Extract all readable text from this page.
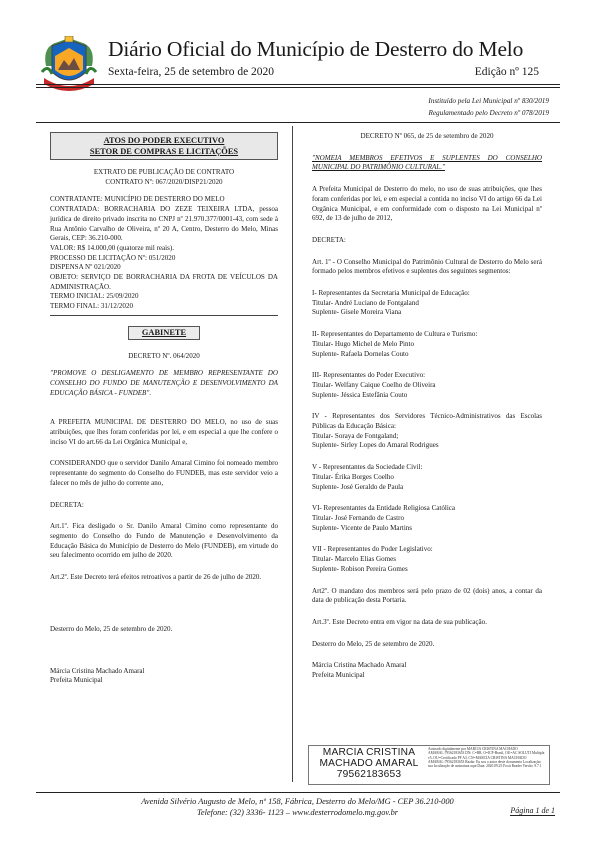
Diário Oficial do Município de Desterro do Melo
Sexta-feira, 25 de setembro de 2020	Edição nº 125
Instituído pela Lei Municipal nº 830/2019
Regulamentado pelo Decreto nº 078/2019
ATOS DO PODER EXECUTIVO
SETOR DE COMPRAS E LICITAÇÕES

EXTRATO DE PUBLICAÇÃO DE CONTRATO

CONTRATO Nº: 067/2020/DISP21/2020

CONTRATANTE: MUNICÍPIO DE DESTERRO DO MELO

CONTRATADA: BORRACHARIA DO ZEZE TEIXEIRA LTDA, pessoa jurídica de direito privado inscrita no CNPJ nº 21.970.377/0001-43, com sede à Rua Antônio Carvalho de Oliveira, nº 20 A, Centro, Desterro do Melo, Minas Gerais, CEP: 36.210-000.

VALOR: R$ 14.000,00 (quatorze mil reais).

PROCESSO DE LICITAÇÃO Nº: 051/2020

DISPENSA Nº 021/2020

OBJETO: SERVIÇO DE BORRACHARIA DA FROTA DE VEÍCULOS DA ADMINISTRAÇÃO.

TERMO INICIAL: 25/09/2020

TERMO FINAL: 31/12/2020

GABINETE

DECRETO Nº. 064/2020

"PROMOVE O DESLIGAMENTO DE MEMBRO REPRESENTANTE DO CONSELHO DO FUNDO DE MANUTENÇÃO E DESENVOLVIMENTO DA EDUCAÇÃO BÁSICA - FUNDEB".

A PREFEITA MUNICIPAL DE DESTERRO DO MELO, no uso de suas atribuições, que lhes foram conferidas por lei, e em especial a que lhe confere o inciso VI do art.66 da Lei Orgânica Municipal e,

CONSIDERANDO que o servidor Danilo Amaral Cimino foi nomeado membro representante do segmento do Conselho do FUNDEB, mas este servidor veio a falecer no mês de julho do corrente ano,

DECRETA:

Art.1º. Fica desligado o Sr. Danilo Amaral Cimino como representante do segmento do Conselho do Fundo de Manutenção e Desenvolvimento da Educação Básica do Município de Desterro do Melo (FUNDEB), em virtude do seu falecimento ocorrido em julho de 2020.

Art.2º. Este Decreto terá efeitos retroativos a partir de 26 de julho de 2020.

Desterro do Melo, 25 de setembro de 2020.

Márcia Cristina Machado Amaral

Prefeita Municipal

DECRETO Nº 065, de 25 de setembro de 2020

"NOMEIA MEMBROS EFETIVOS E SUPLENTES DO CONSELHO MUNICIPAL DO PATRIMÔNIO CULTURAL."

A Prefeita Municipal de Desterro do melo, no uso de suas atribuições, que lhes foram conferidas por lei, e em especial a contida no inciso VI do artigo 66 da Lei Orgânica Municipal, e em conformidade com o disposto na Lei Municipal nº 692, de 13 de julho de 2012,

DECRETA:

Art. 1º - O Conselho Municipal do Patrimônio Cultural de Desterro do Melo será formado pelos membros efetivos e suplentes dos seguintes segmentos:

I- Representantes da Secretaria Municipal de Educação:

Titular- André Luciano de Fontgaland

Suplente- Gisele Moreira Viana

II- Representantes do Departamento de Cultura e Turismo:

Titular- Hugo Michel de Melo Pinto

Suplente- Rafaela Dornelas Couto

III- Representantes do Poder Executivo:

Titular- Welfany Caique Coelho de Oliveira

Suplente- Jéssica Estefânia Couto

IV - Representantes dos Servidores Técnico-Administrativos das Escolas Públicas da Educação Básica:

Titular- Soraya de Fontgaland;

Suplente- Sirley Lopes do Amaral Rodrigues

V - Representantes da Sociedade Civil:

Titular- Érika Borges Coelho

Suplente- José Geraldo de Paula

VI- Representantes da Entidade Religiosa Católica

Titular- José Fernando de Castro

Suplente- Vicente de Paulo Martins

VII - Representantes do Poder Legislativo:

Titular- Marcelo Elias Gomes

Suplente- Robison Pereira Gomes

Art2º. O mandato dos membros será pelo prazo de 02 (dois) anos, a contar da data de publicação desta Portaria.

Art.3º. Este Decreto entra em vigor na data de sua publicação.

Desterro do Melo, 25 de setembro de 2020.

Márcia Cristina Machado Amaral

Prefeita Municipal

MARCIA CRISTINA
MACHADO AMARAL
79562183653
Assinado digitalmente por MARCIA CRISTINA MACHADO AMARAL:79562183653 DN: C=BR, O=ICP-Brasil, OU=AC SOLUTI Multipla v5, OU=Certificado PF A3, CN=MARCIA CRISTINA MACHADO AMARAL:79562183653 Razão: Eu sou o autor deste documento Localização: sua localização de assinatura aqui Data: 2020.09.25 Foxit Reader Versão: 9.7.1
Avenida Silvério Augusto de Melo, nº 158, Fábrica, Desterro do Melo/MG - CEP 36.210-000
Telefone: (32) 3336- 1123 – www.desterrodomelo.mg.gov.br	Página 1 de 1
